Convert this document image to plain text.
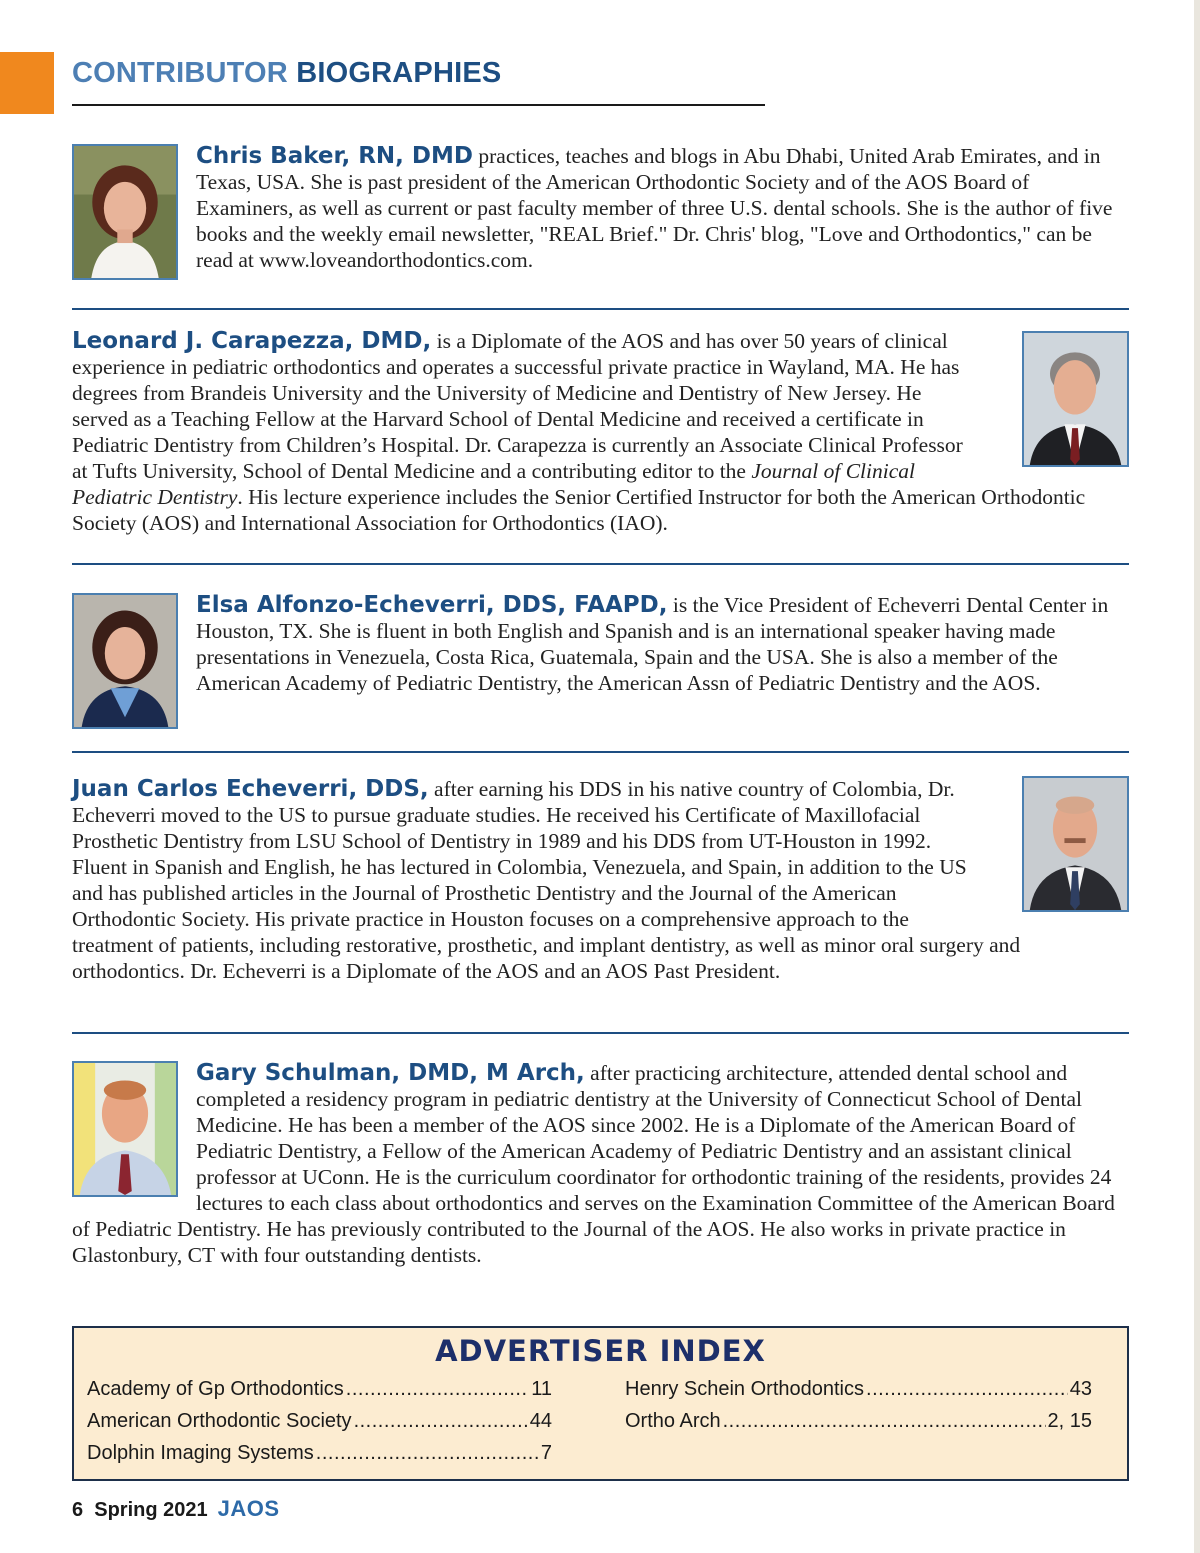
CONTRIBUTOR BIOGRAPHIES

Chris Baker, RN, DMD practices, teaches and blogs in Abu Dhabi, United Arab Emirates, and in Texas, USA. She is past president of the American Orthodontic Society and of the AOS Board of Examiners, as well as current or past faculty member of three U.S. dental schools. She is the author of five books and the weekly email newsletter, "REAL Brief." Dr. Chris' blog, "Love and Orthodontics," can be read at www.loveandorthodontics.com.

Leonard J. Carapezza, DMD, is a Diplomate of the AOS and has over 50 years of clinical experience in pediatric orthodontics and operates a successful private practice in Wayland, MA. He has degrees from Brandeis University and the University of Medicine and Dentistry of New Jersey. He served as a Teaching Fellow at the Harvard School of Dental Medicine and received a certificate in Pediatric Dentistry from Children’s Hospital. Dr. Carapezza is currently an Associate Clinical Professor at Tufts University, School of Dental Medicine and a contributing editor to the Journal of Clinical Pediatric Dentistry. His lecture experience includes the Senior Certified Instructor for both the American Orthodontic Society (AOS) and International Association for Orthodontics (IAO).

Elsa Alfonzo-Echeverri, DDS, FAAPD, is the Vice President of Echeverri Dental Center in Houston, TX. She is fluent in both English and Spanish and is an international speaker having made presentations in Venezuela, Costa Rica, Guatemala, Spain and the USA. She is also a member of the American Academy of Pediatric Dentistry, the American Assn of Pediatric Dentistry and the AOS.

Juan Carlos Echeverri, DDS, after earning his DDS in his native country of Colombia, Dr. Echeverri moved to the US to pursue graduate studies. He received his Certificate of Maxillofacial Prosthetic Dentistry from LSU School of Dentistry in 1989 and his DDS from UT-Houston in 1992. Fluent in Spanish and English, he has lectured in Colombia, Venezuela, and Spain, in addition to the US and has published articles in the Journal of Prosthetic Dentistry and the Journal of the American Orthodontic Society. His private practice in Houston focuses on a comprehensive approach to the treatment of patients, including restorative, prosthetic, and implant dentistry, as well as minor oral surgery and orthodontics. Dr. Echeverri is a Diplomate of the AOS and an AOS Past President.

Gary Schulman, DMD, M Arch, after practicing architecture, attended dental school and completed a residency program in pediatric dentistry at the University of Connecticut School of Dental Medicine. He has been a member of the AOS since 2002. He is a Diplomate of the American Board of Pediatric Dentistry, a Fellow of the American Academy of Pediatric Dentistry and an assistant clinical professor at UConn. He is the curriculum coordinator for orthodontic training of the residents, provides 24 lectures to each class about orthodontics and serves on the Examination Committee of the American Board of Pediatric Dentistry. He has previously contributed to the Journal of the AOS. He also works in private practice in Glastonbury, CT with four outstanding dentists.

ADVERTISER INDEX
Academy of Gp Orthodontics .....	11
American Orthodontic Society .....	44
Dolphin Imaging Systems .....	7
Henry Schein Orthodontics .....	43
Ortho Arch .....	2, 15
6 Spring 2021 JAOS
